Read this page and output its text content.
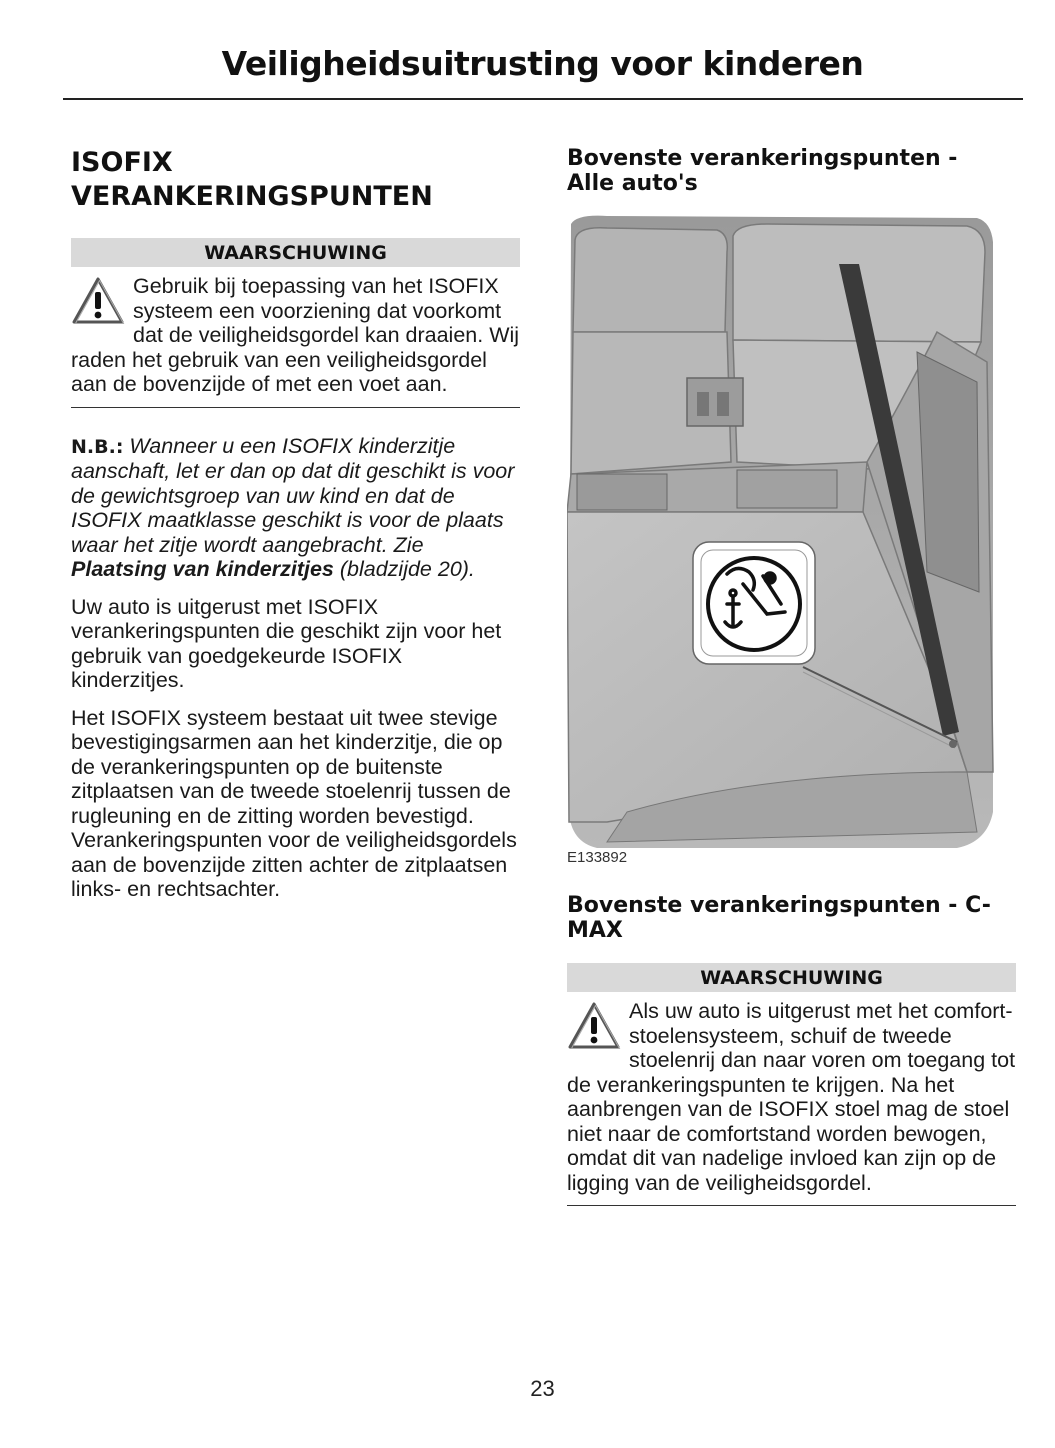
Veiligheidsuitrusting voor kinderen
ISOFIX VERANKERINGSPUNTEN
WAARSCHUWING
Gebruik bij toepassing van het ISOFIX systeem een voorziening dat voorkomt dat de veiligheidsgordel kan draaien. Wij raden het gebruik van een veiligheidsgordel aan de bovenzijde of met een voet aan.

N.B.: Wanneer u een ISOFIX kinderzitje aanschaft, let er dan op dat dit geschikt is voor de gewichtsgroep van uw kind en dat de ISOFIX maatklasse geschikt is voor de plaats waar het zitje wordt aangebracht. Zie Plaatsing van kinderzitjes (bladzijde 20).

Uw auto is uitgerust met ISOFIX verankeringspunten die geschikt zijn voor het gebruik van goedgekeurde ISOFIX kinderzitjes.

Het ISOFIX systeem bestaat uit twee stevige bevestigingsarmen aan het kinderzitje, die op de verankeringspunten op de buitenste zitplaatsen van de tweede stoelenrij tussen de rugleuning en de zitting worden bevestigd. Verankeringspunten voor de veiligheidsgordels aan de bovenzijde zitten achter de zitplaatsen links- en rechtsachter.

Bovenste verankeringspunten - Alle auto's
E133892
Bovenste verankeringspunten - C-MAX
WAARSCHUWING
Als uw auto is uitgerust met het comfort-stoelensysteem, schuif de tweede stoelenrij dan naar voren om toegang tot de verankeringspunten te krijgen. Na het aanbrengen van de ISOFIX stoel mag de stoel niet naar de comfortstand worden bewogen, omdat dit van nadelige invloed kan zijn op de ligging van de veiligheidsgordel.
23
